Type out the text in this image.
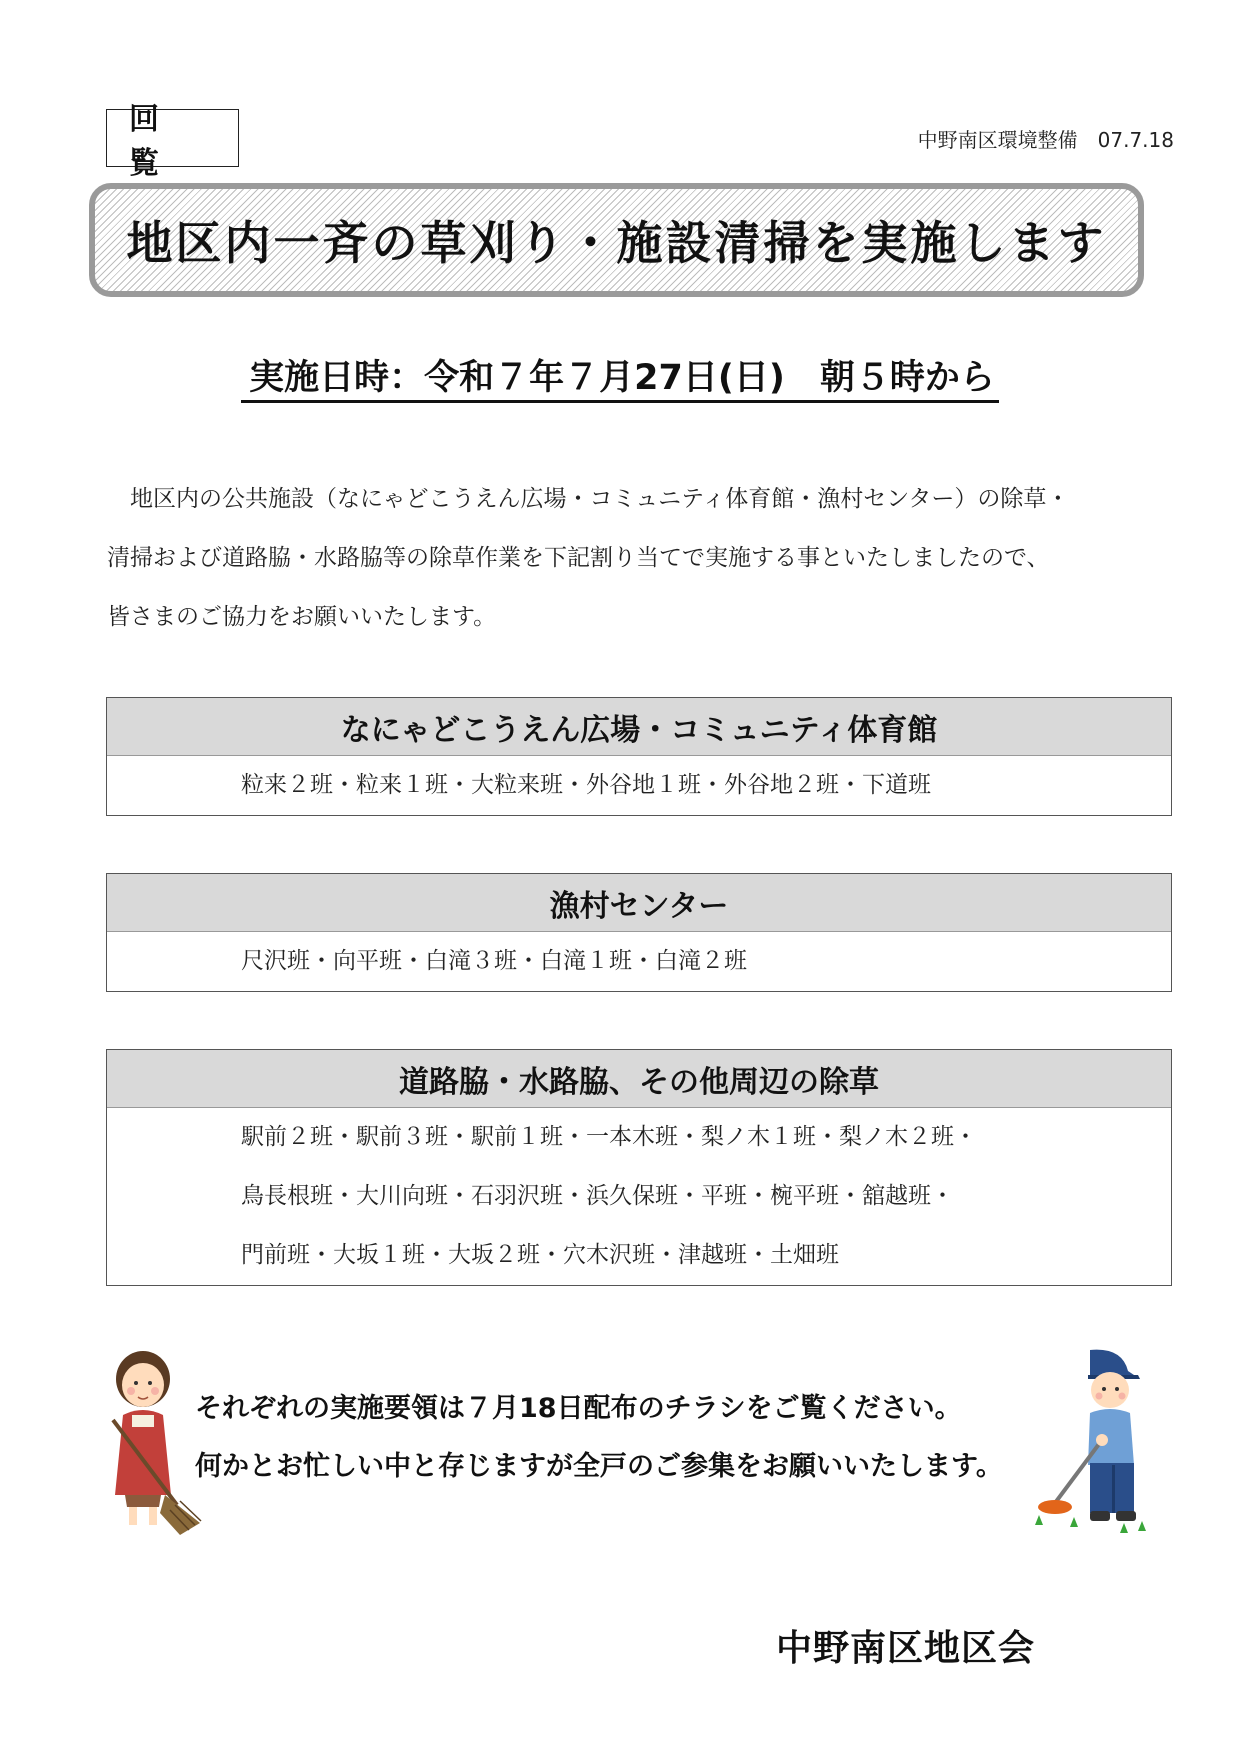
回　覧
中野南区環境整備　07.7.18
地区内一斉の草刈り・施設清掃を実施します
実施日時：令和７年７月27日(日)　朝５時から

　地区内の公共施設（なにゃどこうえん広場・コミュニティ体育館・漁村センター）の除草・

清掃および道路脇・水路脇等の除草作業を下記割り当てで実施する事といたしましたので、

皆さまのご協力をお願いいたします。

なにゃどこうえん広場・コミュニティ体育館

粒来２班・粒来１班・大粒来班・外谷地１班・外谷地２班・下道班

漁村センター

尺沢班・向平班・白滝３班・白滝１班・白滝２班

道路脇・水路脇、その他周辺の除草

駅前２班・駅前３班・駅前１班・一本木班・梨ノ木１班・梨ノ木２班・

鳥長根班・大川向班・石羽沢班・浜久保班・平班・椀平班・舘越班・

門前班・大坂１班・大坂２班・穴木沢班・津越班・土畑班

それぞれの実施要領は７月18日配布のチラシをご覧ください。

何かとお忙しい中と存じますが全戸のご参集をお願いいたします。

中野南区地区会
